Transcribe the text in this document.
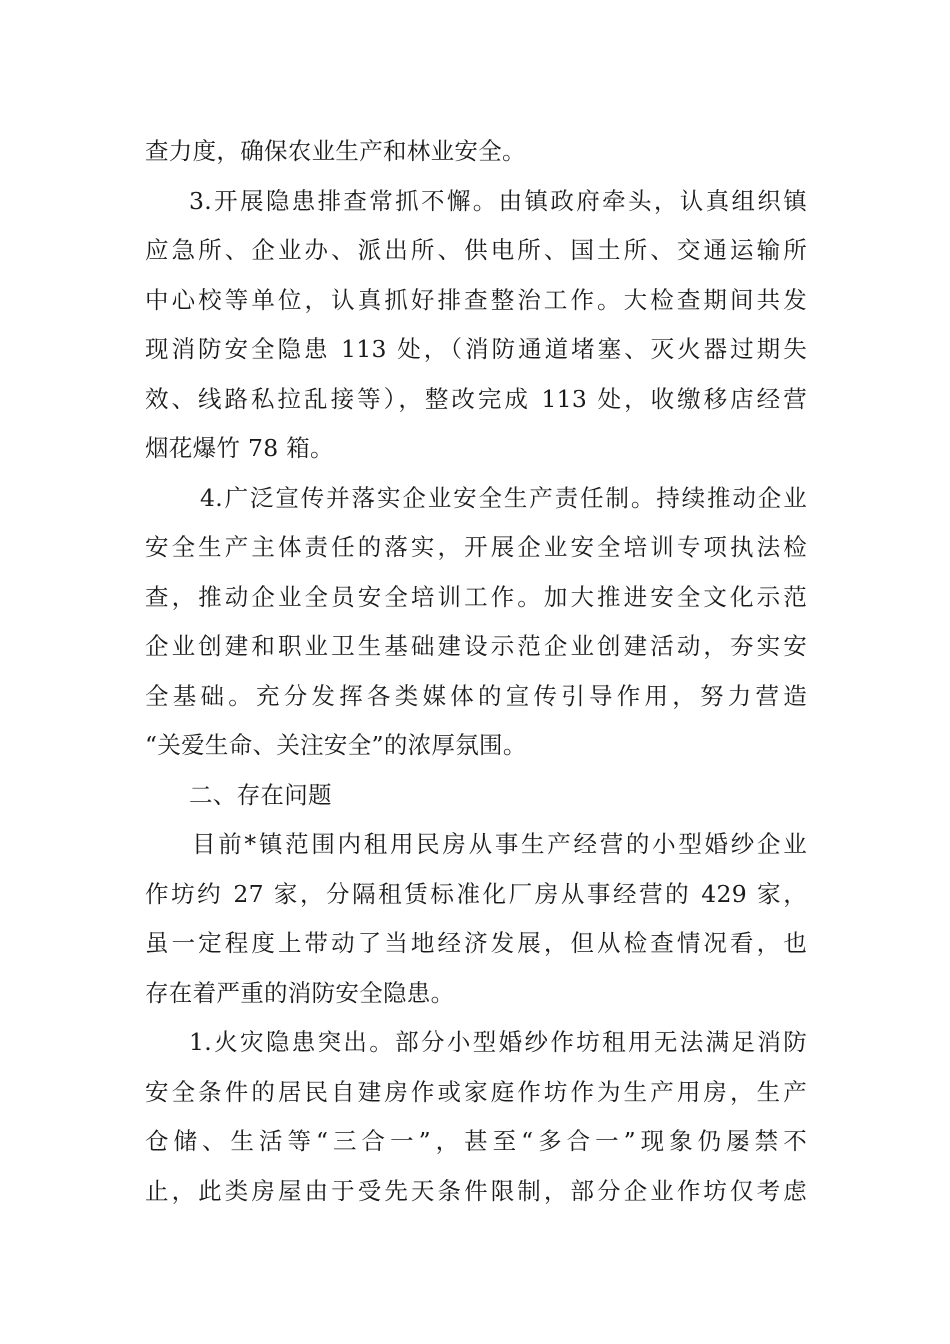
查力度，确保农业生产和林业安全。
3.开展隐患排查常抓不懈。由镇政府牵头，认真组织镇
应急所、企业办、派出所、供电所、国土所、交通运输所
中心校等单位，认真抓好排查整治工作。大检查期间共发
现消防安全隐患 113 处，（消防通道堵塞、灭火器过期失
效、线路私拉乱接等），整改完成 113 处，收缴移店经营
烟花爆竹 78 箱。
4.广泛宣传并落实企业安全生产责任制。持续推动企业
安全生产主体责任的落实，开展企业安全培训专项执法检
查，推动企业全员安全培训工作。加大推进安全文化示范
企业创建和职业卫生基础建设示范企业创建活动，夯实安
全基础。充分发挥各类媒体的宣传引导作用，努力营造
“关爱生命、关注安全”的浓厚氛围。
二、存在问题
目前*镇范围内租用民房从事生产经营的小型婚纱企业
作坊约 27 家，分隔租赁标准化厂房从事经营的 429 家，
虽一定程度上带动了当地经济发展，但从检查情况看，也
存在着严重的消防安全隐患。
1.火灾隐患突出。部分小型婚纱作坊租用无法满足消防
安全条件的居民自建房作或家庭作坊作为生产用房，生产
仓储、生活等“三合一”，甚至“多合一”现象仍屡禁不
止，此类房屋由于受先天条件限制，部分企业作坊仅考虑
